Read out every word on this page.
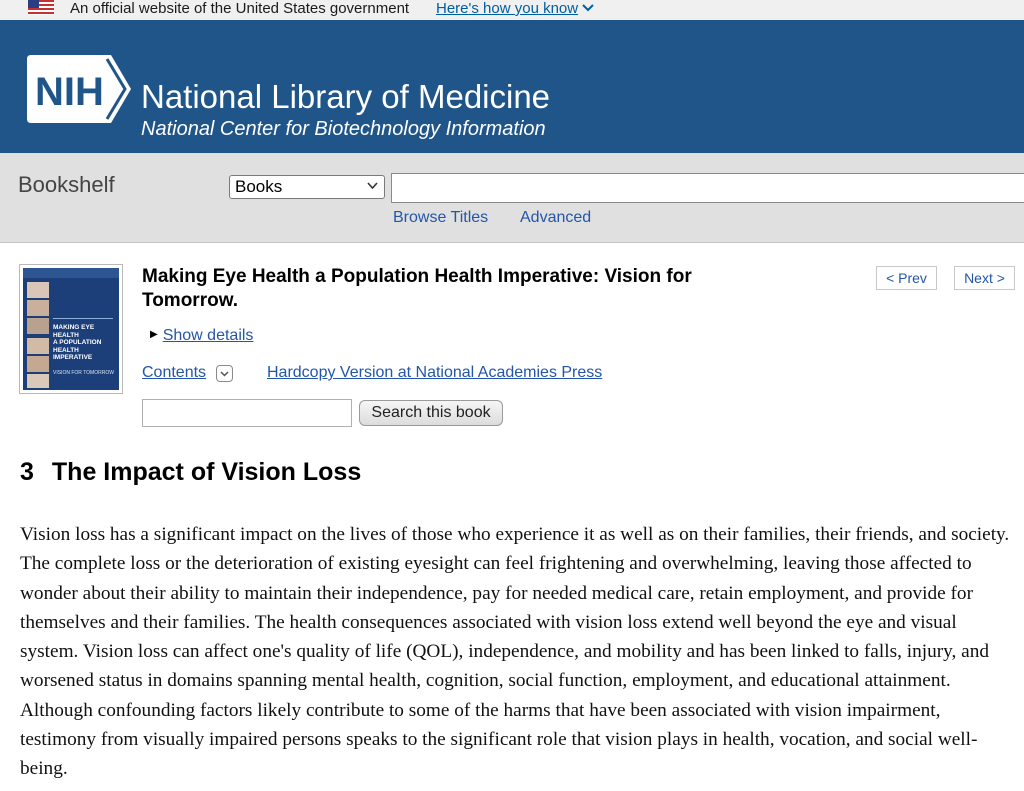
An official website of the United States government Here's how you know
NIH National Library of Medicine
National Center for Biotechnology Information
Bookshelf	Books
Browse Titles Advanced
MAKING EYE HEALTH
A POPULATION
HEALTH IMPERATIVE
VISION FOR TOMORROW
Making Eye Health a Population Health Imperative: Vision for Tomorrow.
▶ Show details
Contents	Hardcopy Version at National Academies Press
Search this book
< Prev	Next >
3 The Impact of Vision Loss

Vision loss has a significant impact on the lives of those who experience it as well as on their families, their friends, and society. The complete loss or the deterioration of existing eyesight can feel frightening and overwhelming, leaving those affected to wonder about their ability to maintain their independence, pay for needed medical care, retain employment, and provide for themselves and their families. The health consequences associated with vision loss extend well beyond the eye and visual system. Vision loss can affect one's quality of life (QOL), independence, and mobility and has been linked to falls, injury, and worsened status in domains spanning mental health, cognition, social function, employment, and educational attainment. Although confounding factors likely contribute to some of the harms that have been associated with vision impairment, testimony from visually impaired persons speaks to the significant role that vision plays in health, vocation, and social well-being.
